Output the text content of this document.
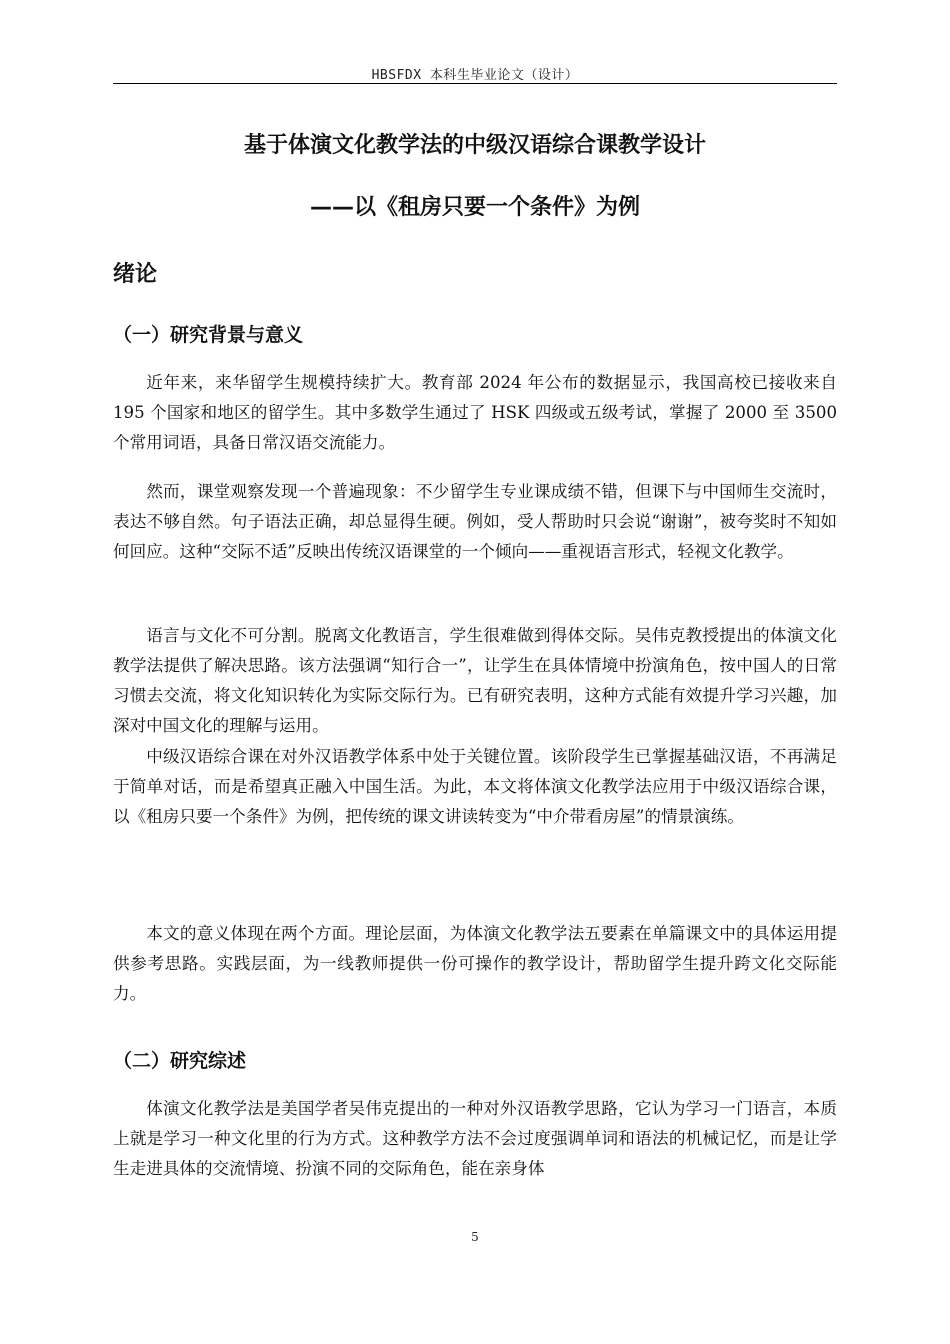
HBSFDX 本科生毕业论文（设计）
基于体演文化教学法的中级汉语综合课教学设计
——以《租房只要一个条件》为例
绪论
（一）研究背景与意义

近年来，来华留学生规模持续扩大。教育部 2024 年公布的数据显示，我国高校已接收来自 195 个国家和地区的留学生。其中多数学生通过了 HSK 四级或五级考试，掌握了 2000 至 3500 个常用词语，具备日常汉语交流能力。

然而，课堂观察发现一个普遍现象：不少留学生专业课成绩不错，但课下与中国师生交流时，表达不够自然。句子语法正确，却总显得生硬。例如，受人帮助时只会说“谢谢”，被夸奖时不知如何回应。这种“交际不适”反映出传统汉语课堂的一个倾向——重视语言形式，轻视文化教学。

语言与文化不可分割。脱离文化教语言，学生很难做到得体交际。吴伟克教授提出的体演文化教学法提供了解决思路。该方法强调“知行合一”，让学生在具体情境中扮演角色，按中国人的日常习惯去交流，将文化知识转化为实际交际行为。已有研究表明，这种方式能有效提升学习兴趣，加深对中国文化的理解与运用。

中级汉语综合课在对外汉语教学体系中处于关键位置。该阶段学生已掌握基础汉语，不再满足于简单对话，而是希望真正融入中国生活。为此，本文将体演文化教学法应用于中级汉语综合课，以《租房只要一个条件》为例，把传统的课文讲读转变为“中介带看房屋”的情景演练。

本文的意义体现在两个方面。理论层面，为体演文化教学法五要素在单篇课文中的具体运用提供参考思路。实践层面，为一线教师提供一份可操作的教学设计，帮助留学生提升跨文化交际能力。

（二）研究综述

体演文化教学法是美国学者吴伟克提出的一种对外汉语教学思路，它认为学习一门语言，本质上就是学习一种文化里的行为方式。这种教学方法不会过度强调单词和语法的机械记忆，而是让学生走进具体的交流情境、扮演不同的交际角色，能在亲身体

5
